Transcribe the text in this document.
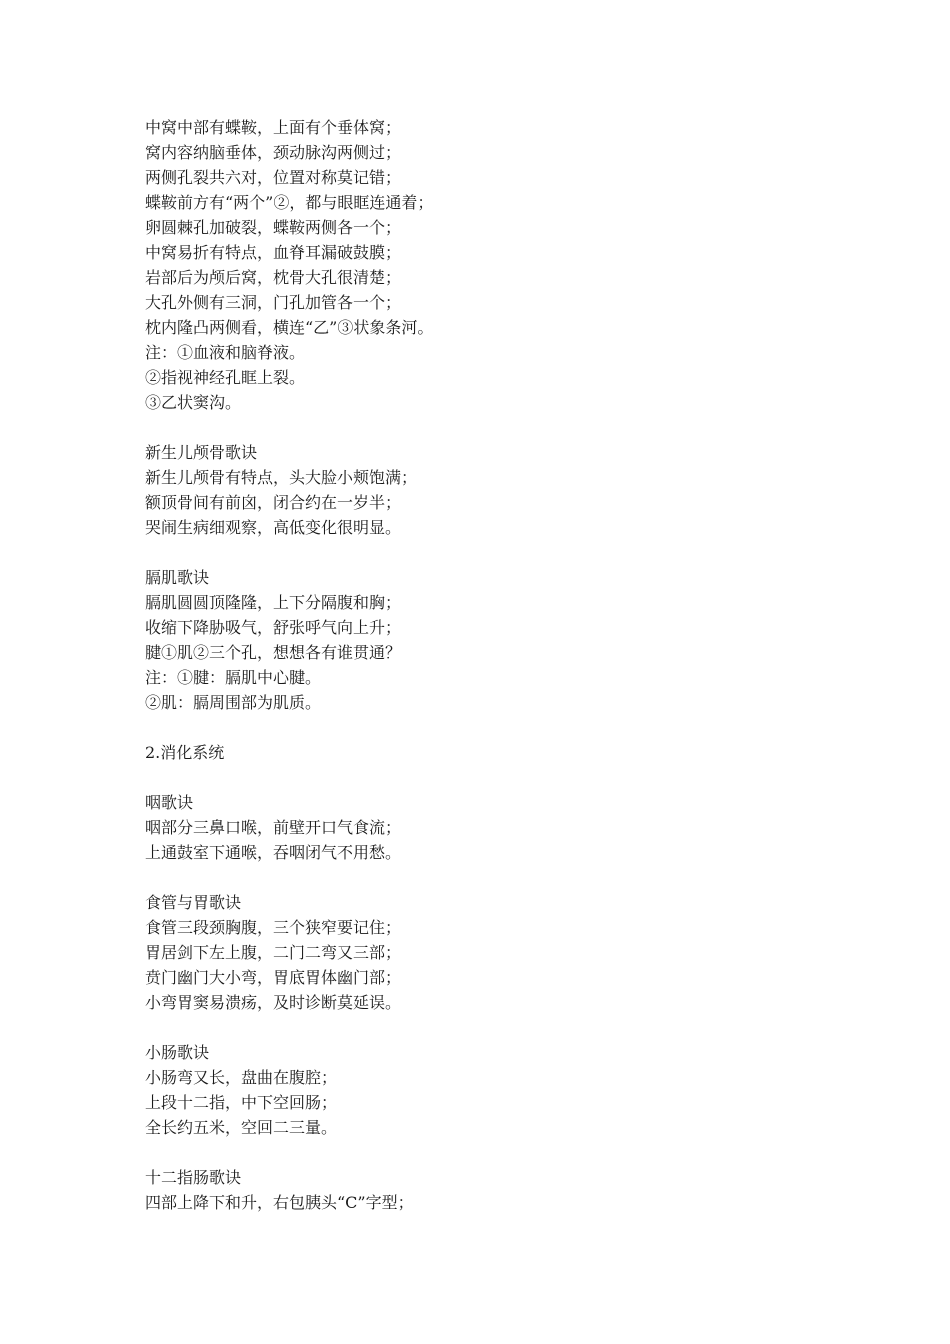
中窝中部有蝶鞍，上面有个垂体窝；
窝内容纳脑垂体，颈动脉沟两侧过；
两侧孔裂共六对，位置对称莫记错；
蝶鞍前方有“两个”②，都与眼眶连通着；
卵圆棘孔加破裂，蝶鞍两侧各一个；
中窝易折有特点，血脊耳漏破鼓膜；
岩部后为颅后窝，枕骨大孔很清楚；
大孔外侧有三洞，门孔加管各一个；
枕内隆凸两侧看，横连“乙”③状象条河。
注：①血液和脑脊液。
②指视神经孔眶上裂。
③乙状窦沟。
新生儿颅骨歌诀
新生儿颅骨有特点，头大脸小颊饱满；
额顶骨间有前囟，闭合约在一岁半；
哭闹生病细观察，高低变化很明显。
膈肌歌诀
膈肌圆圆顶隆隆，上下分隔腹和胸；
收缩下降胁吸气，舒张呼气向上升；
腱①肌②三个孔，想想各有谁贯通？
注：①腱：膈肌中心腱。
②肌：膈周围部为肌质。
2.消化系统
咽歌诀
咽部分三鼻口喉，前壁开口气食流；
上通鼓室下通喉，吞咽闭气不用愁。
食管与胃歌诀
食管三段颈胸腹，三个狭窄要记住；
胃居剑下左上腹，二门二弯又三部；
贲门幽门大小弯，胃底胃体幽门部；
小弯胃窦易溃疡，及时诊断莫延误。
小肠歌诀
小肠弯又长，盘曲在腹腔；
上段十二指，中下空回肠；
全长约五米，空回二三量。
十二指肠歌诀
四部上降下和升，右包胰头“C”字型；
